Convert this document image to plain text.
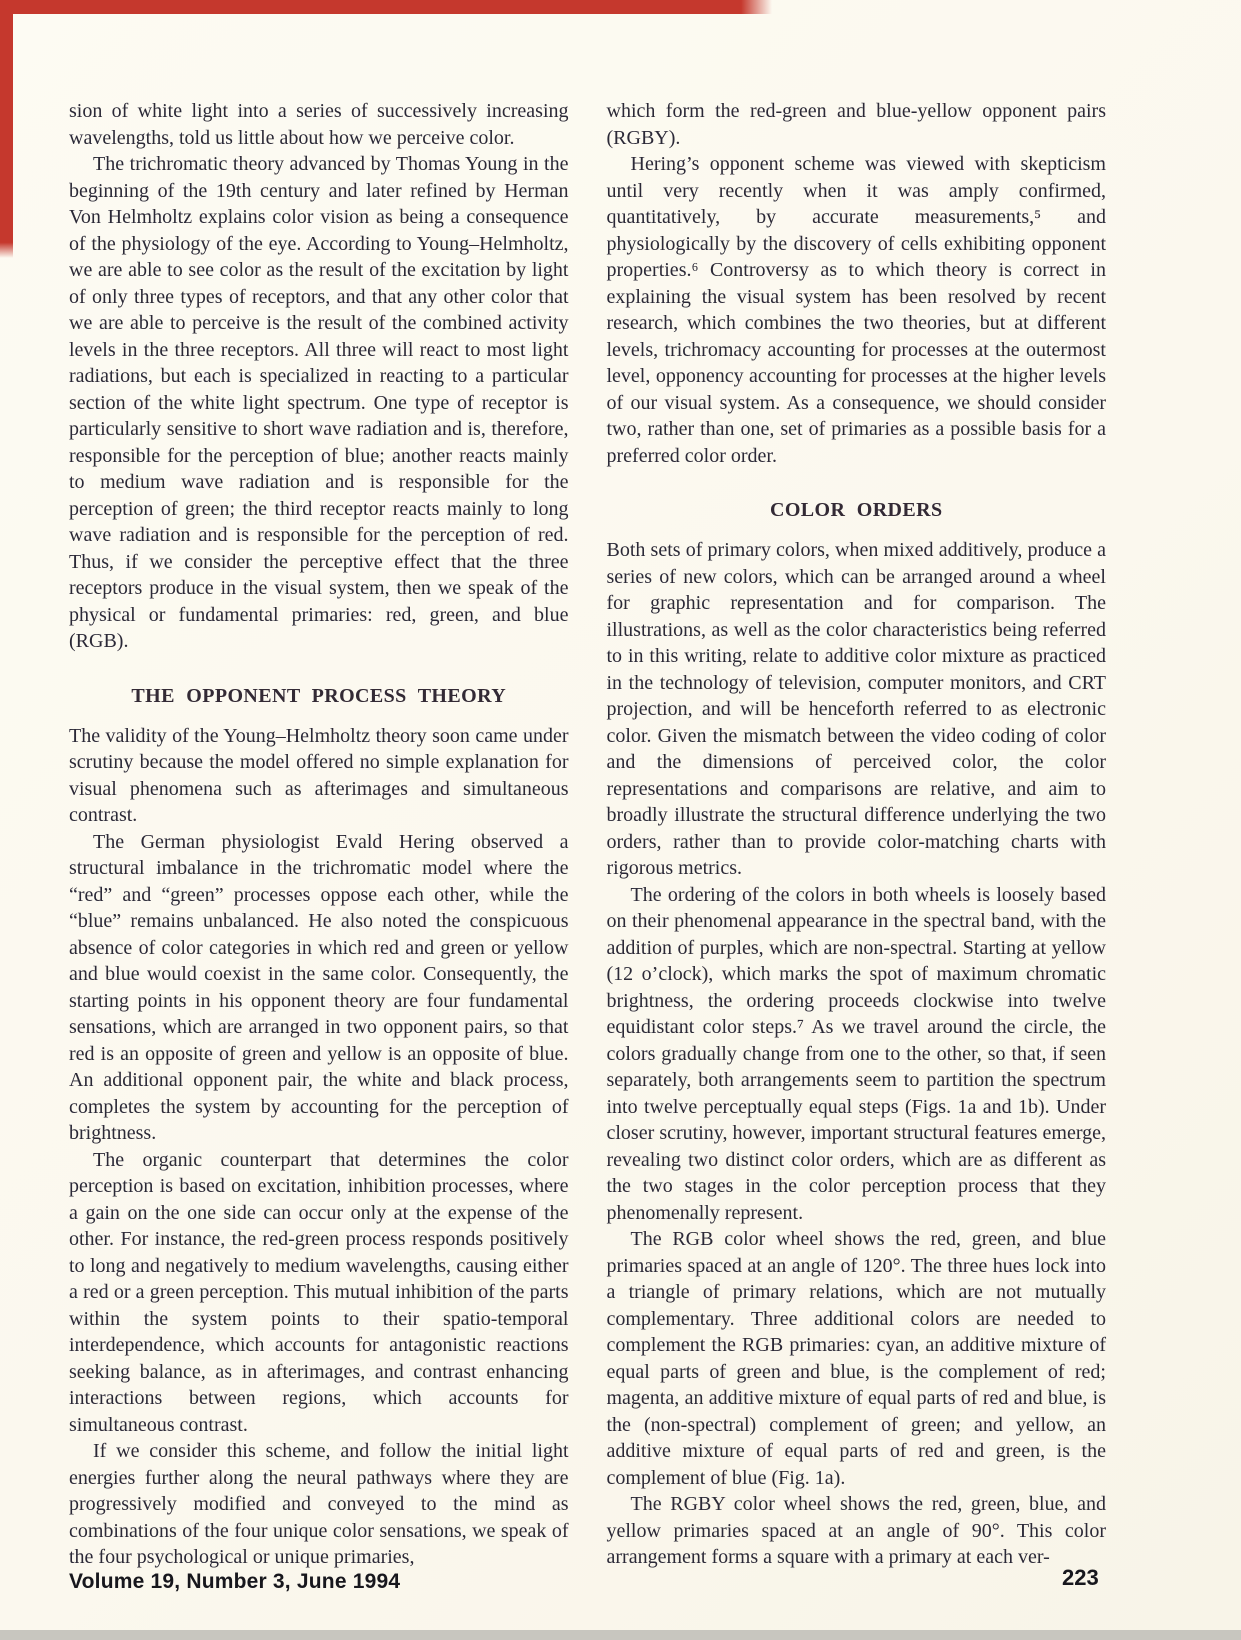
sion of white light into a series of successively increasing wavelengths, told us little about how we perceive color.

The trichromatic theory advanced by Thomas Young in the beginning of the 19th century and later refined by Herman Von Helmholtz explains color vision as being a consequence of the physiology of the eye. According to Young–Helmholtz, we are able to see color as the result of the excitation by light of only three types of receptors, and that any other color that we are able to perceive is the result of the combined activity levels in the three receptors. All three will react to most light radiations, but each is specialized in reacting to a particular section of the white light spectrum. One type of receptor is particularly sensitive to short wave radiation and is, therefore, responsible for the perception of blue; another reacts mainly to medium wave radiation and is responsible for the perception of green; the third receptor reacts mainly to long wave radiation and is responsible for the perception of red. Thus, if we consider the perceptive effect that the three receptors produce in the visual system, then we speak of the physical or fundamental primaries: red, green, and blue (RGB).

THE OPPONENT PROCESS THEORY

The validity of the Young–Helmholtz theory soon came under scrutiny because the model offered no simple explanation for visual phenomena such as afterimages and simultaneous contrast.

The German physiologist Evald Hering observed a structural imbalance in the trichromatic model where the “red” and “green” processes oppose each other, while the “blue” remains unbalanced. He also noted the conspicuous absence of color categories in which red and green or yellow and blue would coexist in the same color. Consequently, the starting points in his opponent theory are four fundamental sensations, which are arranged in two opponent pairs, so that red is an opposite of green and yellow is an opposite of blue. An additional opponent pair, the white and black process, completes the system by accounting for the perception of brightness.

The organic counterpart that determines the color perception is based on excitation, inhibition processes, where a gain on the one side can occur only at the expense of the other. For instance, the red-green process responds positively to long and negatively to medium wavelengths, causing either a red or a green perception. This mutual inhibition of the parts within the system points to their spatio-temporal interdependence, which accounts for antagonistic reactions seeking balance, as in afterimages, and contrast enhancing interactions between regions, which accounts for simultaneous contrast.

If we consider this scheme, and follow the initial light energies further along the neural pathways where they are progressively modified and conveyed to the mind as combinations of the four unique color sensations, we speak of the four psychological or unique primaries,

which form the red-green and blue-yellow opponent pairs (RGBY).

Hering’s opponent scheme was viewed with skepticism until very recently when it was amply confirmed, quantitatively, by accurate measurements,⁵ and physiologically by the discovery of cells exhibiting opponent properties.⁶ Controversy as to which theory is correct in explaining the visual system has been resolved by recent research, which combines the two theories, but at different levels, trichromacy accounting for processes at the outermost level, opponency accounting for processes at the higher levels of our visual system. As a consequence, we should consider two, rather than one, set of primaries as a possible basis for a preferred color order.

COLOR ORDERS

Both sets of primary colors, when mixed additively, produce a series of new colors, which can be arranged around a wheel for graphic representation and for comparison. The illustrations, as well as the color characteristics being referred to in this writing, relate to additive color mixture as practiced in the technology of television, computer monitors, and CRT projection, and will be henceforth referred to as electronic color. Given the mismatch between the video coding of color and the dimensions of perceived color, the color representations and comparisons are relative, and aim to broadly illustrate the structural difference underlying the two orders, rather than to provide color-matching charts with rigorous metrics.

The ordering of the colors in both wheels is loosely based on their phenomenal appearance in the spectral band, with the addition of purples, which are non-spectral. Starting at yellow (12 o’clock), which marks the spot of maximum chromatic brightness, the ordering proceeds clockwise into twelve equidistant color steps.⁷ As we travel around the circle, the colors gradually change from one to the other, so that, if seen separately, both arrangements seem to partition the spectrum into twelve perceptually equal steps (Figs. 1a and 1b). Under closer scrutiny, however, important structural features emerge, revealing two distinct color orders, which are as different as the two stages in the color perception process that they phenomenally represent.

The RGB color wheel shows the red, green, and blue primaries spaced at an angle of 120°. The three hues lock into a triangle of primary relations, which are not mutually complementary. Three additional colors are needed to complement the RGB primaries: cyan, an additive mixture of equal parts of green and blue, is the complement of red; magenta, an additive mixture of equal parts of red and blue, is the (non-spectral) complement of green; and yellow, an additive mixture of equal parts of red and green, is the complement of blue (Fig. 1a).

The RGBY color wheel shows the red, green, blue, and yellow primaries spaced at an angle of 90°. This color arrangement forms a square with a primary at each ver-

Volume 19, Number 3, June 1994	223
